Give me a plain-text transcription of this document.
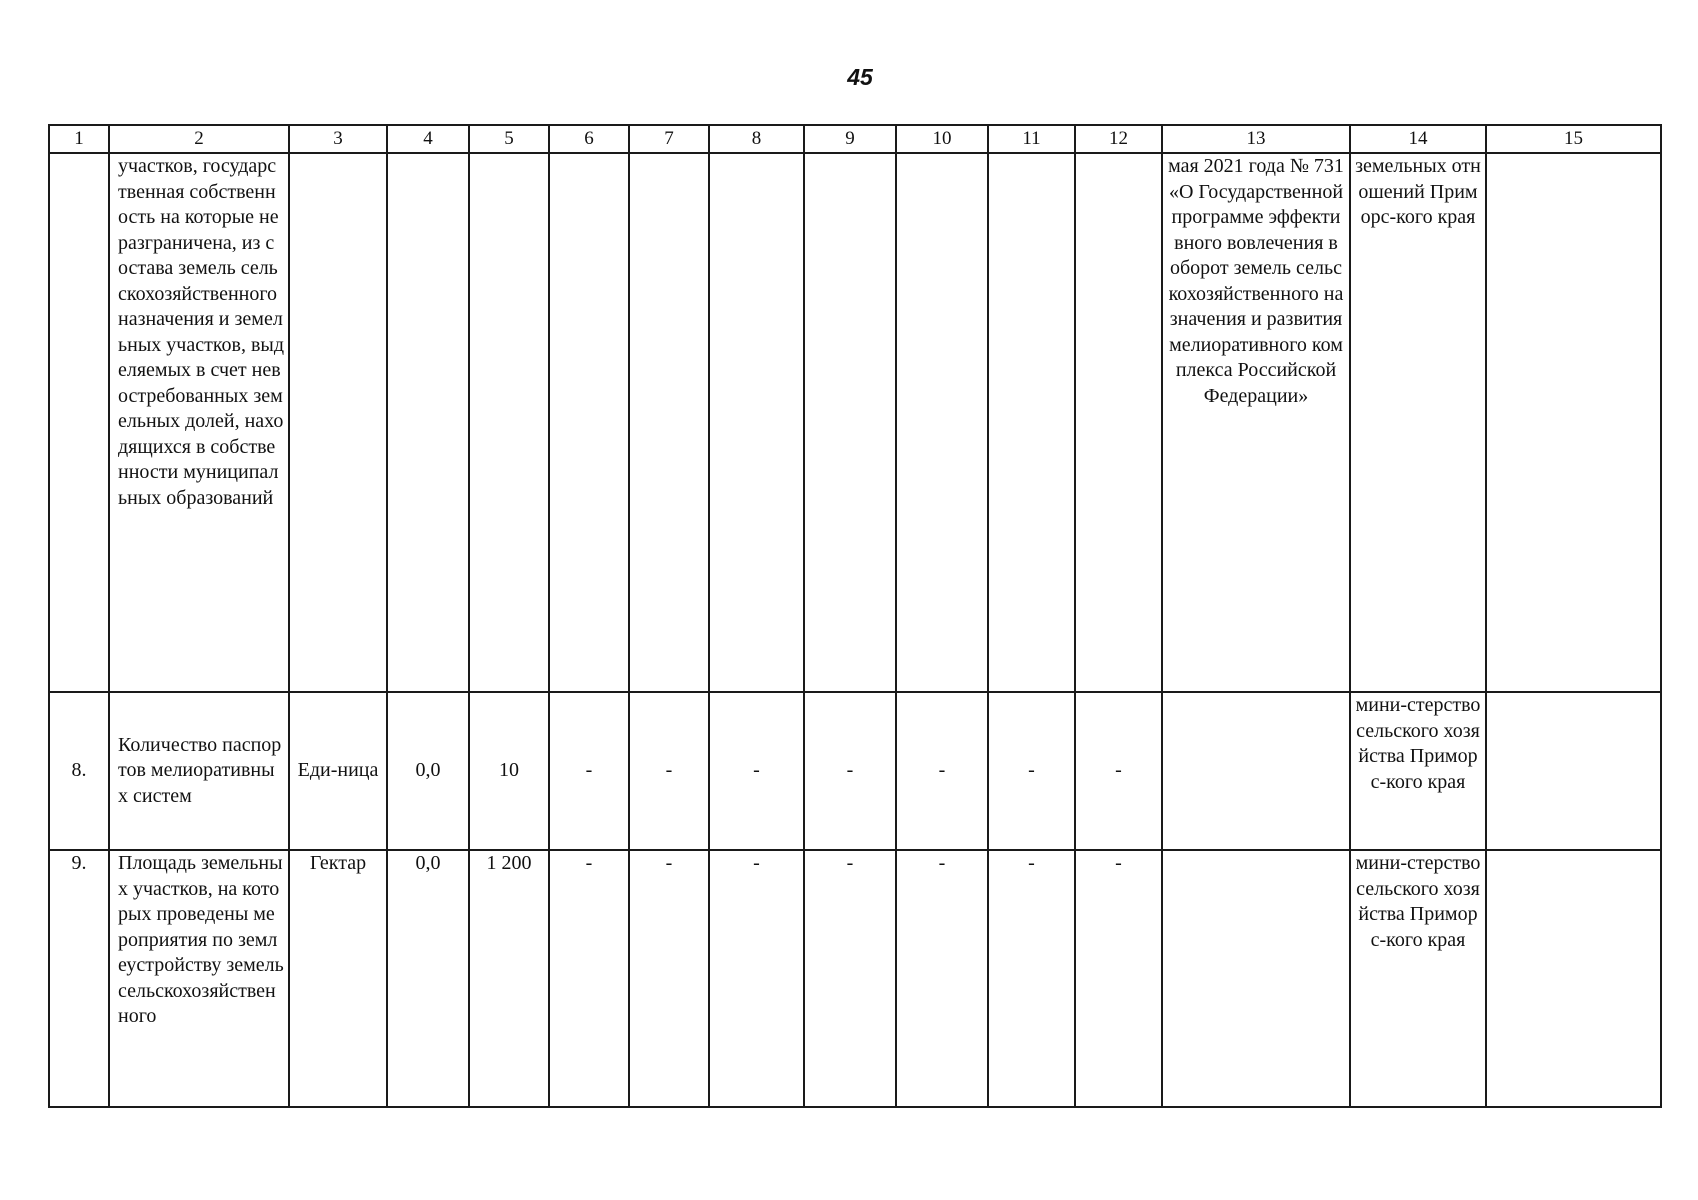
45
1	2	3	4	5	6	7	8	9	10	11	12	13	14	15
	участков, государственная собственность на которые не разграничена, из состава земель сельскохозяйственного назначения и земельных участков, выделяемых в счет невостребованных земельных долей, находящихся в собственности муниципальных образований											мая 2021 года № 731 «О Государственной программе эффективного вовлечения в оборот земель сельскохозяйственного назначения и развития мелиоративного комплекса Российской Федерации»	земельных отношений Приморс-кого края	
8.	Количество паспортов мелиоративных систем	Еди-ница	0,0	10	-	-	-	-	-	-	-		мини-стерство сельского хозяйства Приморс-кого края	
9.	Площадь земельных участков, на которых проведены мероприятия по землеустройству земель сельскохозяйственного	Гектар	0,0	1 200	-	-	-	-	-	-	-		мини-стерство сельского хозяйства Приморс-кого края	
